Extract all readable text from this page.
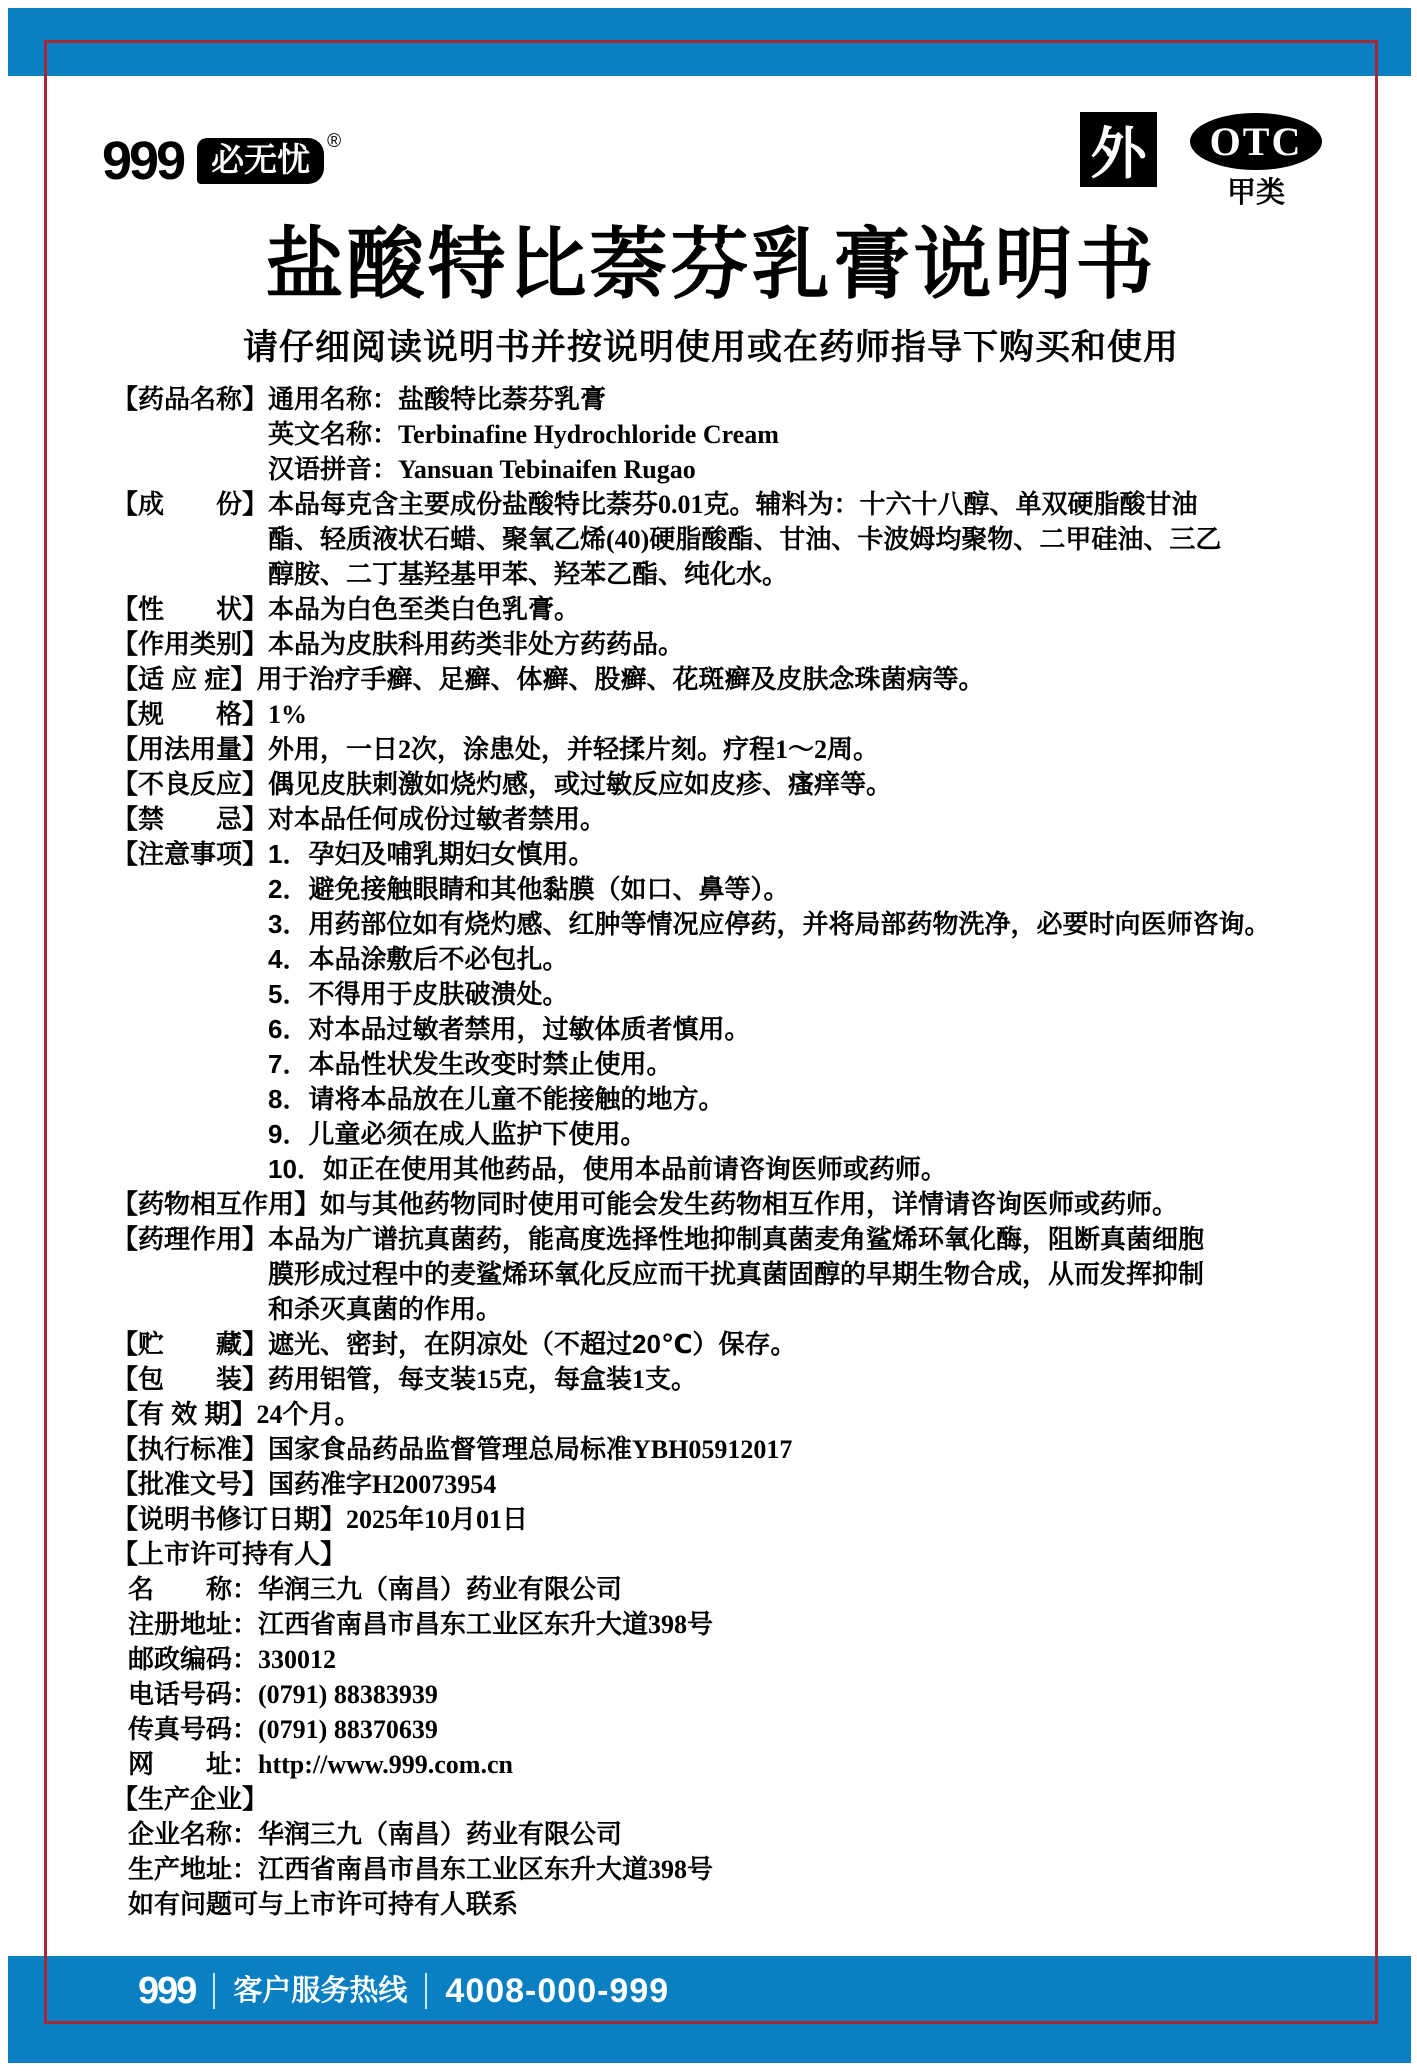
999 必无忧 ®	外	OTC
甲类
盐酸特比萘芬乳膏说明书
请仔细阅读说明书并按说明使用或在药师指导下购买和使用
【药品名称】通用名称：盐酸特比萘芬乳膏
英文名称：Terbinafine Hydrochloride Cream
汉语拼音：Yansuan Tebinaifen Rugao
【成　　份】本品每克含主要成份盐酸特比萘芬0.01克。辅料为：十六十八醇、单双硬脂酸甘油
酯、轻质液状石蜡、聚氧乙烯(40)硬脂酸酯、甘油、卡波姆均聚物、二甲硅油、三乙
醇胺、二丁基羟基甲苯、羟苯乙酯、纯化水。
【性　　状】本品为白色至类白色乳膏。
【作用类别】本品为皮肤科用药类非处方药药品。
【适 应 症】用于治疗手癣、足癣、体癣、股癣、花斑癣及皮肤念珠菌病等。
【规　　格】1%
【用法用量】外用，一日2次，涂患处，并轻揉片刻。疗程1～2周。
【不良反应】偶见皮肤刺激如烧灼感，或过敏反应如皮疹、瘙痒等。
【禁　　忌】对本品任何成份过敏者禁用。
【注意事项】1．孕妇及哺乳期妇女慎用。
2．避免接触眼睛和其他黏膜（如口、鼻等）。
3．用药部位如有烧灼感、红肿等情况应停药，并将局部药物洗净，必要时向医师咨询。
4．本品涂敷后不必包扎。
5．不得用于皮肤破溃处。
6．对本品过敏者禁用，过敏体质者慎用。
7．本品性状发生改变时禁止使用。
8．请将本品放在儿童不能接触的地方。
9．儿童必须在成人监护下使用。
10．如正在使用其他药品，使用本品前请咨询医师或药师。
【药物相互作用】如与其他药物同时使用可能会发生药物相互作用，详情请咨询医师或药师。
【药理作用】本品为广谱抗真菌药，能高度选择性地抑制真菌麦角鲨烯环氧化酶，阻断真菌细胞
膜形成过程中的麦鲨烯环氧化反应而干扰真菌固醇的早期生物合成，从而发挥抑制
和杀灭真菌的作用。
【贮　　藏】遮光、密封，在阴凉处（不超过20℃）保存。
【包　　装】药用铝管，每支装15克，每盒装1支。
【有 效 期】24个月。
【执行标准】国家食品药品监督管理总局标准YBH05912017
【批准文号】国药准字H20073954
【说明书修订日期】2025年10月01日
【上市许可持有人】
名　　称：华润三九（南昌）药业有限公司
注册地址：江西省南昌市昌东工业区东升大道398号
邮政编码：330012
电话号码：(0791) 88383939
传真号码：(0791) 88370639
网　　址：http://www.999.com.cn
【生产企业】
企业名称：华润三九（南昌）药业有限公司
生产地址：江西省南昌市昌东工业区东升大道398号
如有问题可与上市许可持有人联系
999 客户服务热线 4008-000-999
